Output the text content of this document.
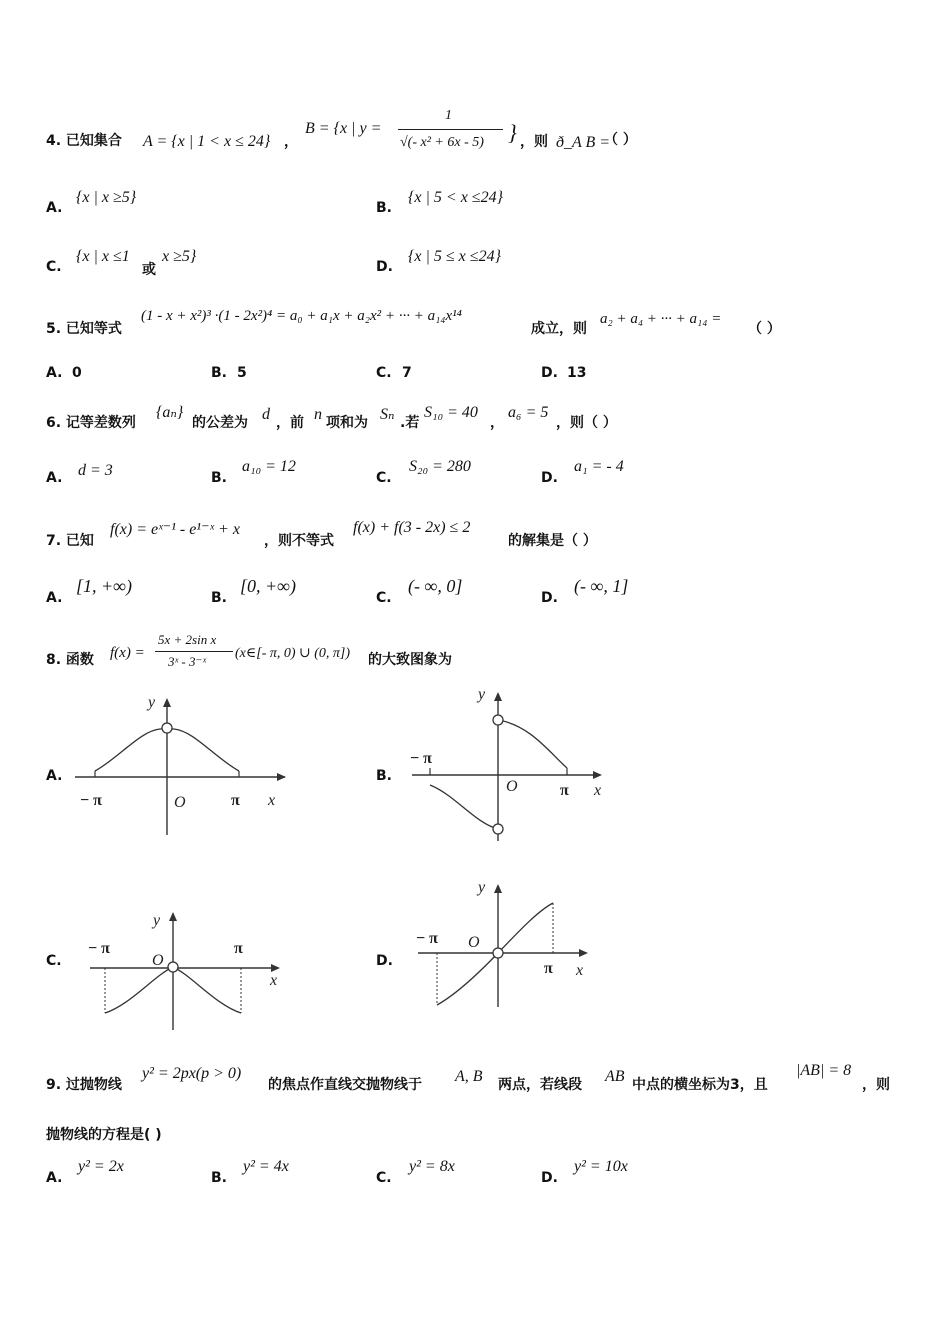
4. 已知集合 A = {x | 1 < x ≤ 24} ，
B = {x | y =
1
√(- x² + 6x - 5) } ，则 ð_A B =
（ ）
A.
{x | x ≥5}
B.
{x | 5 < x ≤24}
C.
{x | x ≤1
或
x ≥5}
D.
{x | 5 ≤ x ≤24}
5. 已知等式
(1 - x + x²)³ ·(1 - 2x²)⁴ = a₀ + a₁x + a₂x² + ··· + a₁₄x¹⁴
成立，则
a₂ + a₄ + ··· + a₁₄ =
（ ）
A. 0	B. 5	C. 7	D. 13
6. 记等差数列
{aₙ}
的公差为 d ，前 n 项和为 Sₙ .若
S₁₀ = 40
，
a₆ = 5
，则（ ）
A. d = 3	B.
a₁₀ = 12
C.
S₂₀ = 280
D.
a₁ = - 4
7. 已知
f(x) = eˣ⁻¹ - e¹⁻ˣ + x
，则不等式
f(x) + f(3 - 2x) ≤ 2
的解集是（ ）
A.
[1, +∞)
B.
[0, +∞)
C.
(- ∞, 0]
D.
(- ∞, 1]
8. 函数 f(x) =
5x + 2sin x
3ˣ - 3⁻ˣ
(x∈[- π, 0) ∪ (0, π]) 的大致图象为
A.
y
O	x
− π	π
B.
y
O	x
− π
π
C.
y
O
x
− π	π
D.
y
O
x
− π
π
9. 过抛物线
y² = 2px(p > 0)
的焦点作直线交抛物线于 A, B 两点，若线段 AB 中点的横坐标为3，且
|AB| = 8
，则
抛物线的方程是( )
A.
y² = 2x
B.
y² = 4x
C.
y² = 8x
D.
y² = 10x
